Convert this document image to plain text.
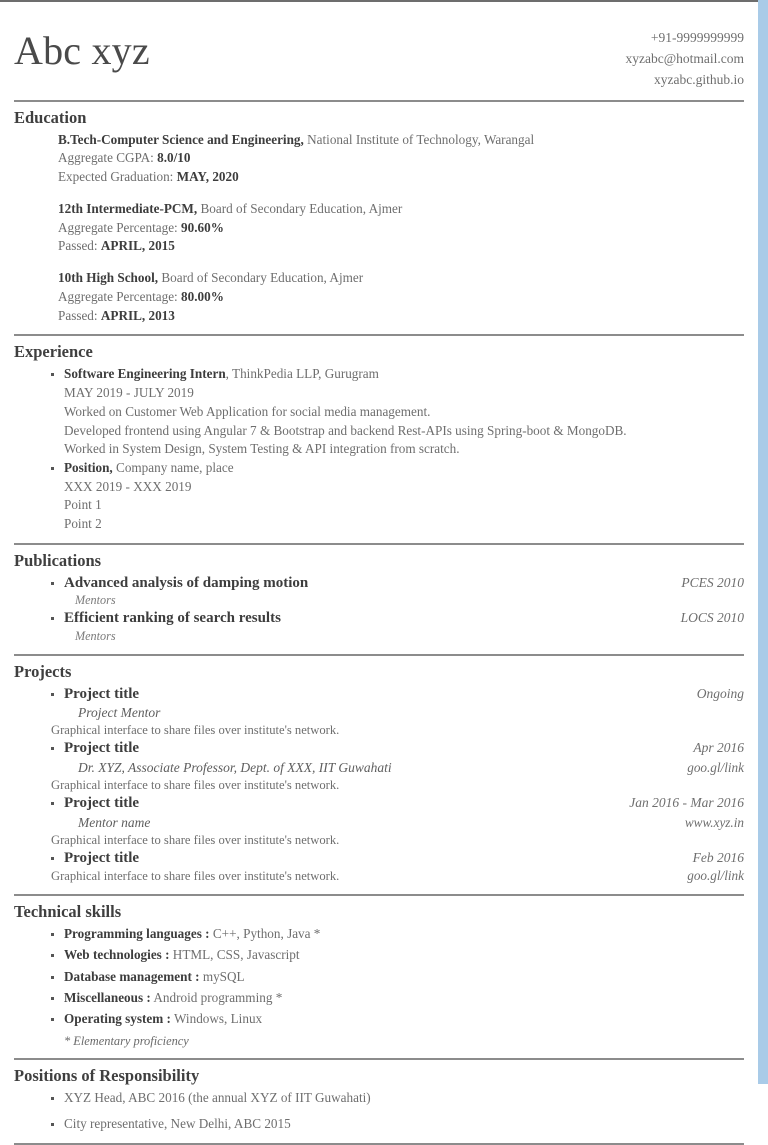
Abc xyz	+91-9999999999
xyzabc@hotmail.com
xyzabc.github.io
Education
B.Tech-Computer Science and Engineering, National Institute of Technology, Warangal
Aggregate CGPA: 8.0/10
Expected Graduation: MAY, 2020
12th Intermediate-PCM, Board of Secondary Education, Ajmer
Aggregate Percentage: 90.60%
Passed: APRIL, 2015
10th High School, Board of Secondary Education, Ajmer
Aggregate Percentage: 80.00%
Passed: APRIL, 2013
Experience
Software Engineering Intern, ThinkPedia LLP, Gurugram
MAY 2019 - JULY 2019
Worked on Customer Web Application for social media management.
Developed frontend using Angular 7 & Bootstrap and backend Rest-APIs using Spring-boot & MongoDB.
Worked in System Design, System Testing & API integration from scratch.
Position, Company name, place
XXX 2019 - XXX 2019
Point 1
Point 2
Publications
Advanced analysis of damping motion	PCES 2010
Mentors
Efficient ranking of search results	LOCS 2010
Mentors
Projects
Project title	Ongoing
Project Mentor
Graphical interface to share files over institute's network.
Project title	Apr 2016
Dr. XYZ, Associate Professor, Dept. of XXX, IIT Guwahati	goo.gl/link
Graphical interface to share files over institute's network.
Project title	Jan 2016 - Mar 2016
Mentor name	www.xyz.in
Graphical interface to share files over institute's network.
Project title	Feb 2016
Graphical interface to share files over institute's network.	goo.gl/link
Technical skills
Programming languages : C++, Python, Java *
Web technologies : HTML, CSS, Javascript
Database management : mySQL
Miscellaneous : Android programming *
Operating system : Windows, Linux
* Elementary proficiency
Positions of Responsibility
XYZ Head, ABC 2016 (the annual XYZ of IIT Guwahati)
City representative, New Delhi, ABC 2015
